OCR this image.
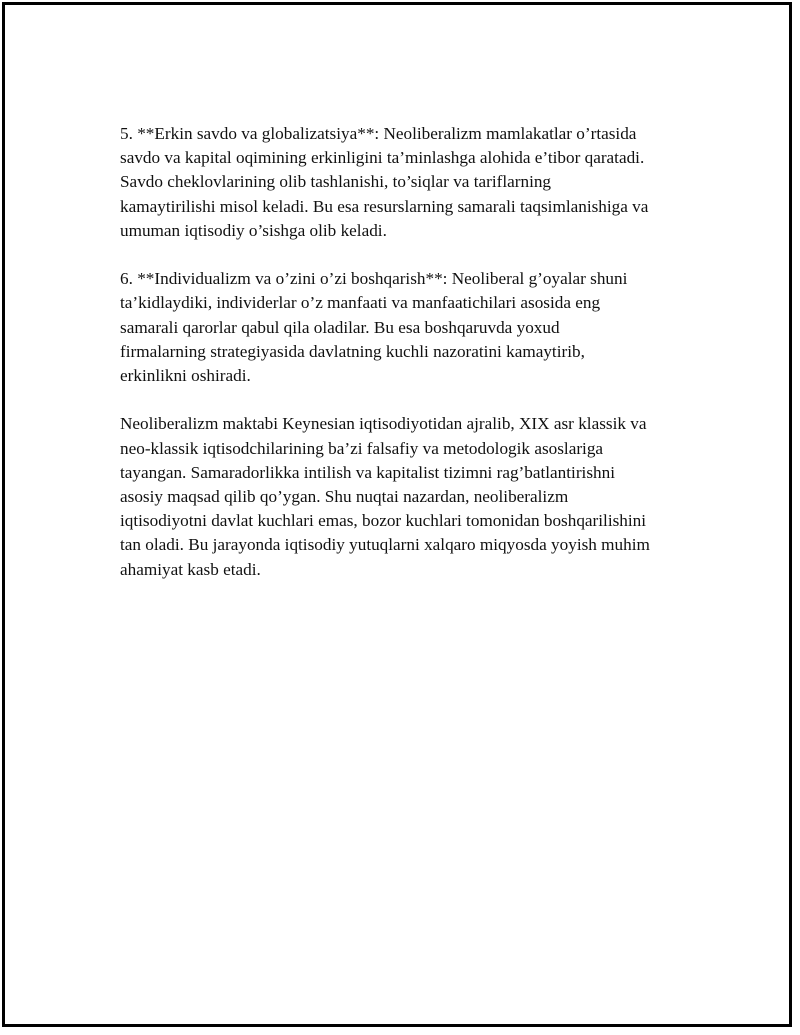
5. **Erkin savdo va globalizatsiya**: Neoliberalizm mamlakatlar o’rtasida
savdo va kapital oqimining erkinligini ta’minlashga alohida e’tibor qaratadi.
Savdo cheklovlarining olib tashlanishi, to’siqlar va tariflarning
kamaytirilishi misol keladi. Bu esa resurslarning samarali taqsimlanishiga va
umuman iqtisodiy o’sishga olib keladi.

6. **Individualizm va o’zini o’zi boshqarish**: Neoliberal g’oyalar shuni
ta’kidlaydiki, individerlar o’z manfaati va manfaatichilari asosida eng
samarali qarorlar qabul qila oladilar. Bu esa boshqaruvda yoxud
firmalarning strategiyasida davlatning kuchli nazoratini kamaytirib,
erkinlikni oshiradi.

Neoliberalizm maktabi Keynesian iqtisodiyotidan ajralib, XIX asr klassik va
neo-klassik iqtisodchilarining ba’zi falsafiy va metodologik asoslariga
tayangan. Samaradorlikka intilish va kapitalist tizimni rag’batlantirishni
asosiy maqsad qilib qo’ygan. Shu nuqtai nazardan, neoliberalizm
iqtisodiyotni davlat kuchlari emas, bozor kuchlari tomonidan boshqarilishini
tan oladi. Bu jarayonda iqtisodiy yutuqlarni xalqaro miqyosda yoyish muhim
ahamiyat kasb etadi.
